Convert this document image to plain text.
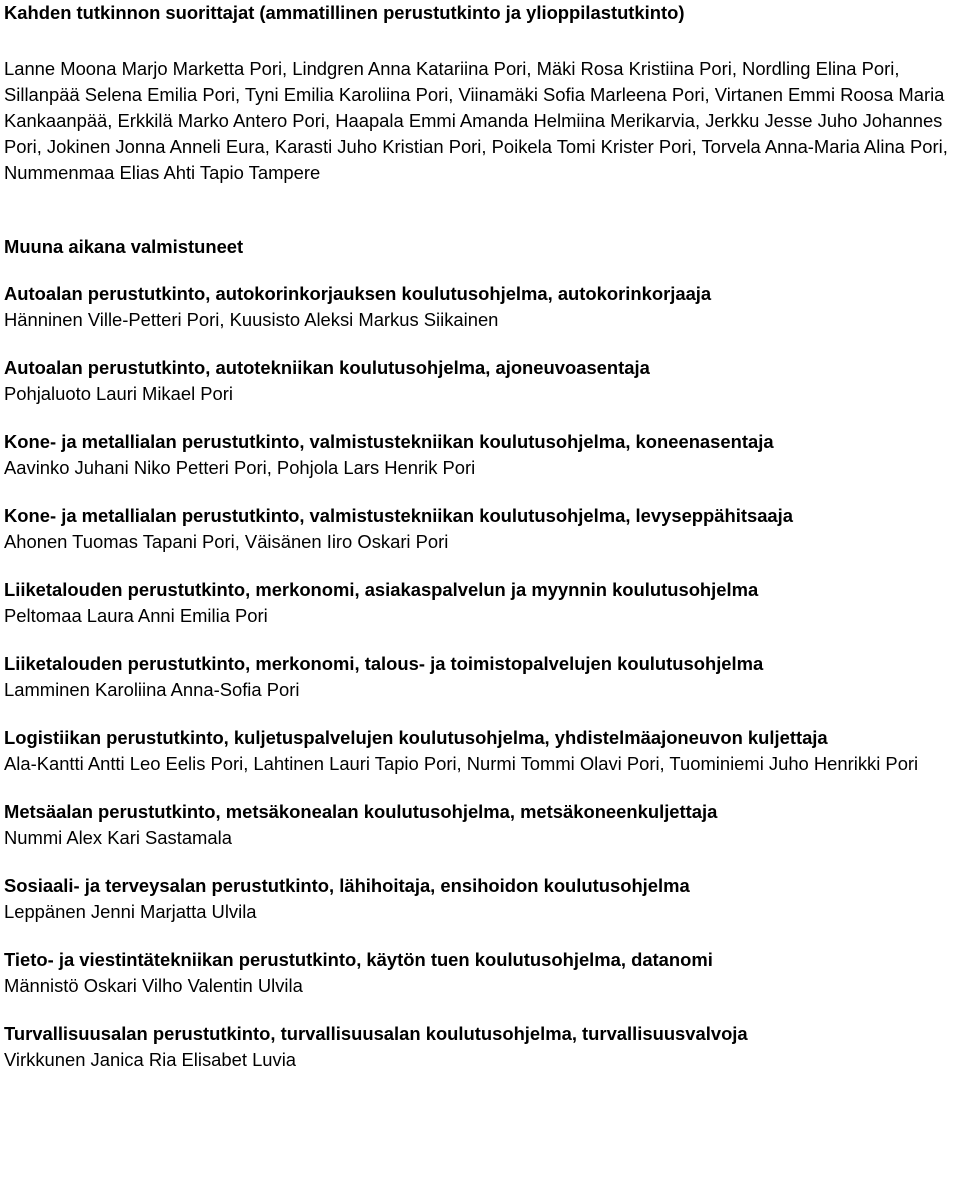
Kahden tutkinnon suorittajat (ammatillinen perustutkinto ja ylioppilastutkinto)

Lanne Moona Marjo Marketta Pori, Lindgren Anna Katariina Pori, Mäki Rosa Kristiina Pori, Nordling Elina Pori, Sillanpää Selena Emilia Pori, Tyni Emilia Karoliina Pori, Viinamäki Sofia Marleena Pori, Virtanen Emmi Roosa Maria Kankaanpää, Erkkilä Marko Antero Pori, Haapala Emmi Amanda Helmiina Merikarvia, Jerkku Jesse Juho Johannes Pori, Jokinen Jonna Anneli Eura, Karasti Juho Kristian Pori, Poikela Tomi Krister Pori, Torvela Anna-Maria Alina Pori, Nummenmaa Elias Ahti Tapio Tampere

Muuna aikana valmistuneet

Autoalan perustutkinto, autokorinkorjauksen koulutusohjelma, autokorinkorjaaja

Hänninen Ville-Petteri Pori, Kuusisto Aleksi Markus Siikainen

Autoalan perustutkinto, autotekniikan koulutusohjelma, ajoneuvoasentaja

Pohjaluoto Lauri Mikael Pori

Kone- ja metallialan perustutkinto, valmistustekniikan koulutusohjelma, koneenasentaja

Aavinko Juhani Niko Petteri Pori, Pohjola Lars Henrik Pori

Kone- ja metallialan perustutkinto, valmistustekniikan koulutusohjelma, levyseppähitsaaja

Ahonen Tuomas Tapani Pori, Väisänen Iiro Oskari Pori

Liiketalouden perustutkinto, merkonomi, asiakaspalvelun ja myynnin koulutusohjelma

Peltomaa Laura Anni Emilia Pori

Liiketalouden perustutkinto, merkonomi, talous- ja toimistopalvelujen koulutusohjelma

Lamminen Karoliina Anna-Sofia Pori

Logistiikan perustutkinto, kuljetuspalvelujen koulutusohjelma, yhdistelmäajoneuvon kuljettaja

Ala-Kantti Antti Leo Eelis Pori, Lahtinen Lauri Tapio Pori, Nurmi Tommi Olavi Pori, Tuominiemi Juho Henrikki Pori

Metsäalan perustutkinto, metsäkonealan koulutusohjelma, metsäkoneenkuljettaja

Nummi Alex Kari Sastamala

Sosiaali- ja terveysalan perustutkinto, lähihoitaja, ensihoidon koulutusohjelma

Leppänen Jenni Marjatta Ulvila

Tieto- ja viestintätekniikan perustutkinto, käytön tuen koulutusohjelma, datanomi

Männistö Oskari Vilho Valentin Ulvila

Turvallisuusalan perustutkinto, turvallisuusalan koulutusohjelma, turvallisuusvalvoja

Virkkunen Janica Ria Elisabet Luvia
